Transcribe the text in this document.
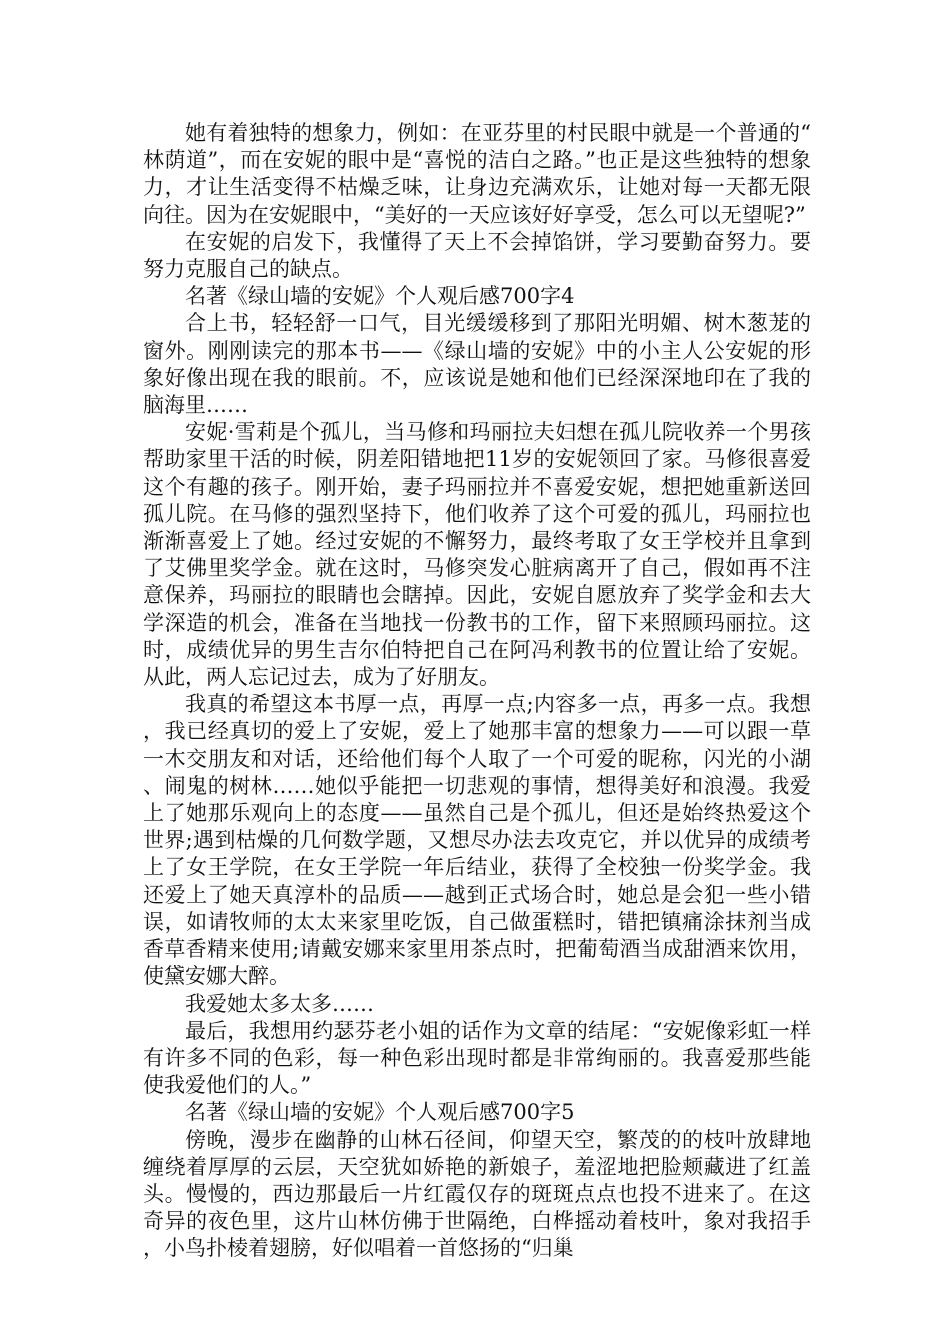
她有着独特的想象力，例如：在亚芬里的村民眼中就是一个普通的“林荫道”，而在安妮的眼中是“喜悦的洁白之路。”也正是这些独特的想象力，才让生活变得不枯燥乏味，让身边充满欢乐，让她对每一天都无限向往。因为在安妮眼中，“美好的一天应该好好享受，怎么可以无望呢?”

在安妮的启发下，我懂得了天上不会掉馅饼，学习要勤奋努力。要努力克服自己的缺点。

名著《绿山墙的安妮》个人观后感700字4

合上书，轻轻舒一口气，目光缓缓移到了那阳光明媚、树木葱茏的窗外。刚刚读完的那本书——《绿山墙的安妮》中的小主人公安妮的形象好像出现在我的眼前。不，应该说是她和他们已经深深地印在了我的脑海里……

安妮·雪莉是个孤儿，当马修和玛丽拉夫妇想在孤儿院收养一个男孩帮助家里干活的时候，阴差阳错地把11岁的安妮领回了家。马修很喜爱这个有趣的孩子。刚开始，妻子玛丽拉并不喜爱安妮，想把她重新送回孤儿院。在马修的强烈坚持下，他们收养了这个可爱的孤儿，玛丽拉也渐渐喜爱上了她。经过安妮的不懈努力，最终考取了女王学校并且拿到了艾佛里奖学金。就在这时，马修突发心脏病离开了自己，假如再不注意保养，玛丽拉的眼睛也会瞎掉。因此，安妮自愿放弃了奖学金和去大学深造的机会，准备在当地找一份教书的工作，留下来照顾玛丽拉。这时，成绩优异的男生吉尔伯特把自己在阿冯利教书的位置让给了安妮。从此，两人忘记过去，成为了好朋友。

我真的希望这本书厚一点，再厚一点;内容多一点，再多一点。我想，我已经真切的爱上了安妮，爱上了她那丰富的想象力——可以跟一草一木交朋友和对话，还给他们每个人取了一个可爱的昵称，闪光的小湖、闹鬼的树林……她似乎能把一切悲观的事情，想得美好和浪漫。我爱上了她那乐观向上的态度——虽然自己是个孤儿，但还是始终热爱这个世界;遇到枯燥的几何数学题，又想尽办法去攻克它，并以优异的成绩考上了女王学院，在女王学院一年后结业，获得了全校独一份奖学金。我还爱上了她天真淳朴的品质——越到正式场合时，她总是会犯一些小错误，如请牧师的太太来家里吃饭，自己做蛋糕时，错把镇痛涂抹剂当成香草香精来使用;请戴安娜来家里用茶点时，把葡萄酒当成甜酒来饮用，使黛安娜大醉。

我爱她太多太多……

最后，我想用约瑟芬老小姐的话作为文章的结尾：“安妮像彩虹一样有许多不同的色彩，每一种色彩出现时都是非常绚丽的。我喜爱那些能使我爱他们的人。”

名著《绿山墙的安妮》个人观后感700字5

傍晚，漫步在幽静的山林石径间，仰望天空，繁茂的的枝叶放肆地缠绕着厚厚的云层，天空犹如娇艳的新娘子，羞涩地把脸颊藏进了红盖头。慢慢的，西边那最后一片红霞仅存的斑斑点点也投不进来了。在这奇异的夜色里，这片山林仿佛于世隔绝，白桦摇动着枝叶，象对我招手，小鸟扑棱着翅膀，好似唱着一首悠扬的“归巢
